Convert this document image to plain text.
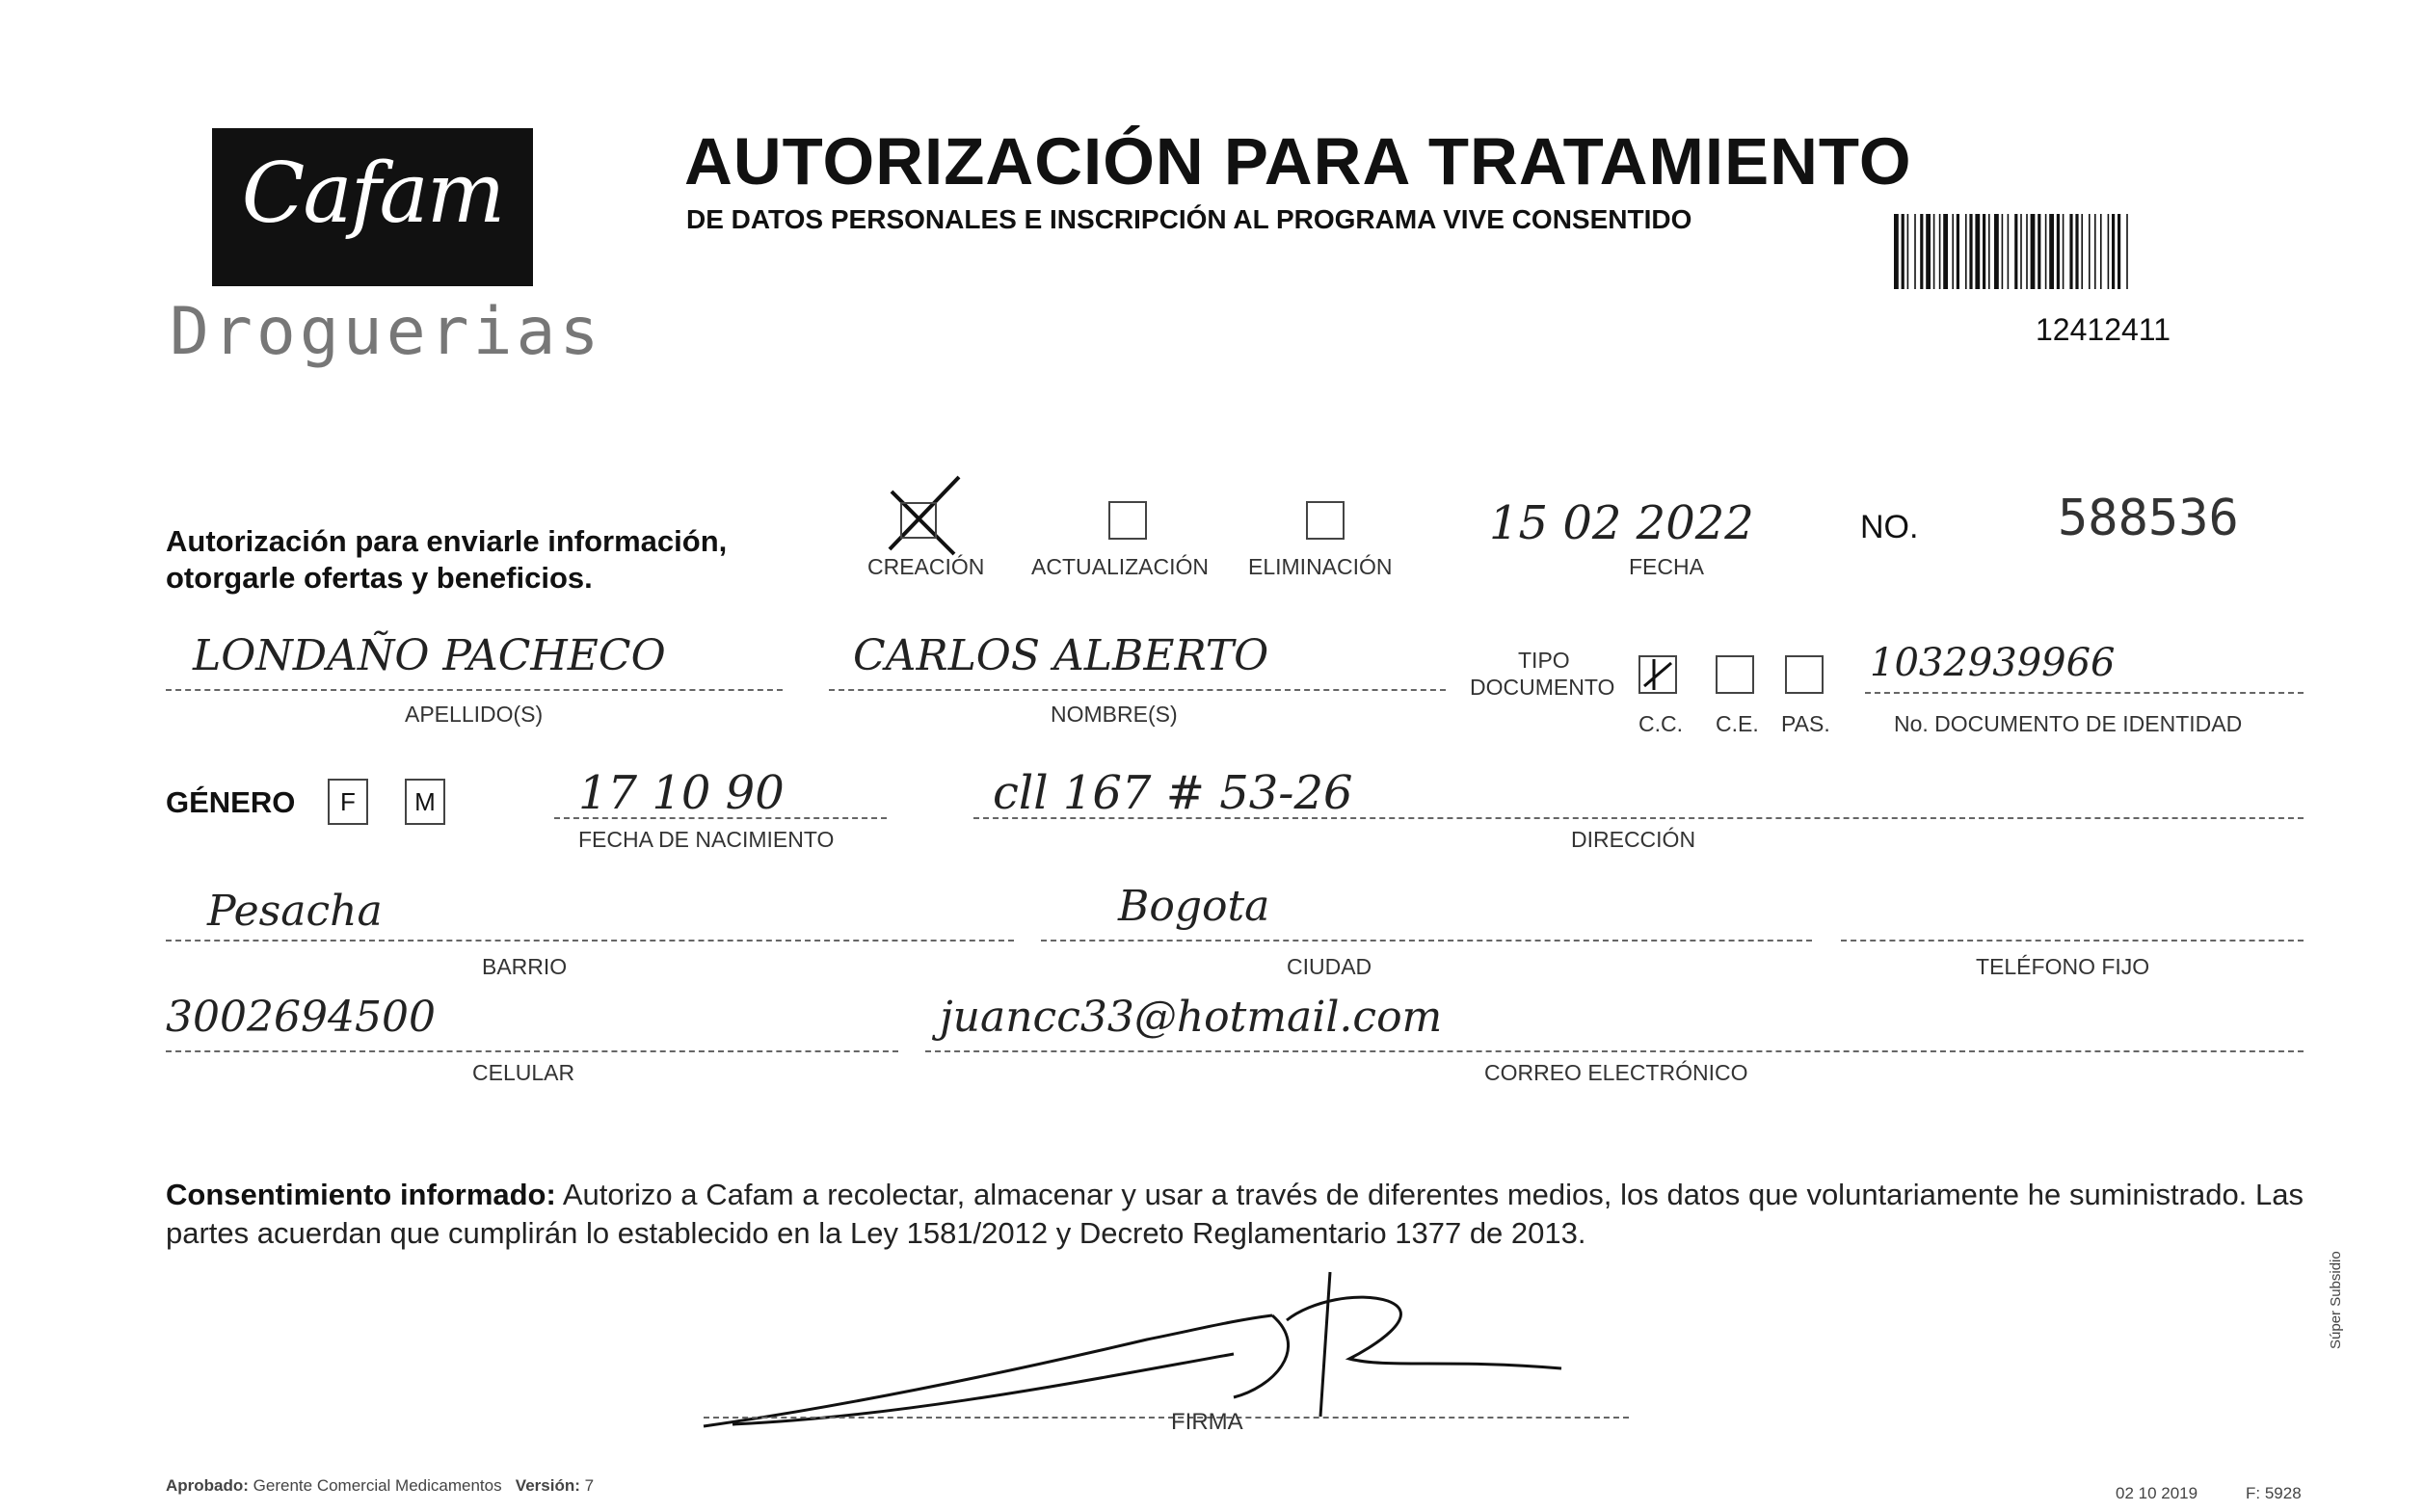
Cafam
Droguerias
AUTORIZACIÓN PARA TRATAMIENTO
DE DATOS PERSONALES E INSCRIPCIÓN AL PROGRAMA VIVE CONSENTIDO
12412411
Autorización para enviarle información, otorgarle ofertas y beneficios.	CREACIÓN ACTUALIZACIÓN ELIMINACIÓN
15 02 2022
FECHA
NO.	588536
LONDAÑO PACHECO
APELLIDO(S)
CARLOS ALBERTO
NOMBRE(S)
TIPO
DOCUMENTO
C.C. C.E. PAS.
1032939966
No. DOCUMENTO DE IDENTIDAD
GÉNERO	F	M	17 10 90
FECHA DE NACIMIENTO
cll 167 # 53-26
DIRECCIÓN
Pesacha
BARRIO
Bogota
CIUDAD	TELÉFONO FIJO
3002694500
CELULAR
juancc33@hotmail.com
CORREO ELECTRÓNICO
Consentimiento informado: Autorizo a Cafam a recolectar, almacenar y usar a través de diferentes medios, los datos que voluntariamente he suministrado. Las partes acuerdan que cumplirán lo establecido en la Ley 1581/2012 y Decreto Reglamentario 1377 de 2013.
FIRMA
Aprobado: Gerente Comercial Medicamentos Versión: 7	02 10 2019	F: 5928
Súper Subsidio
